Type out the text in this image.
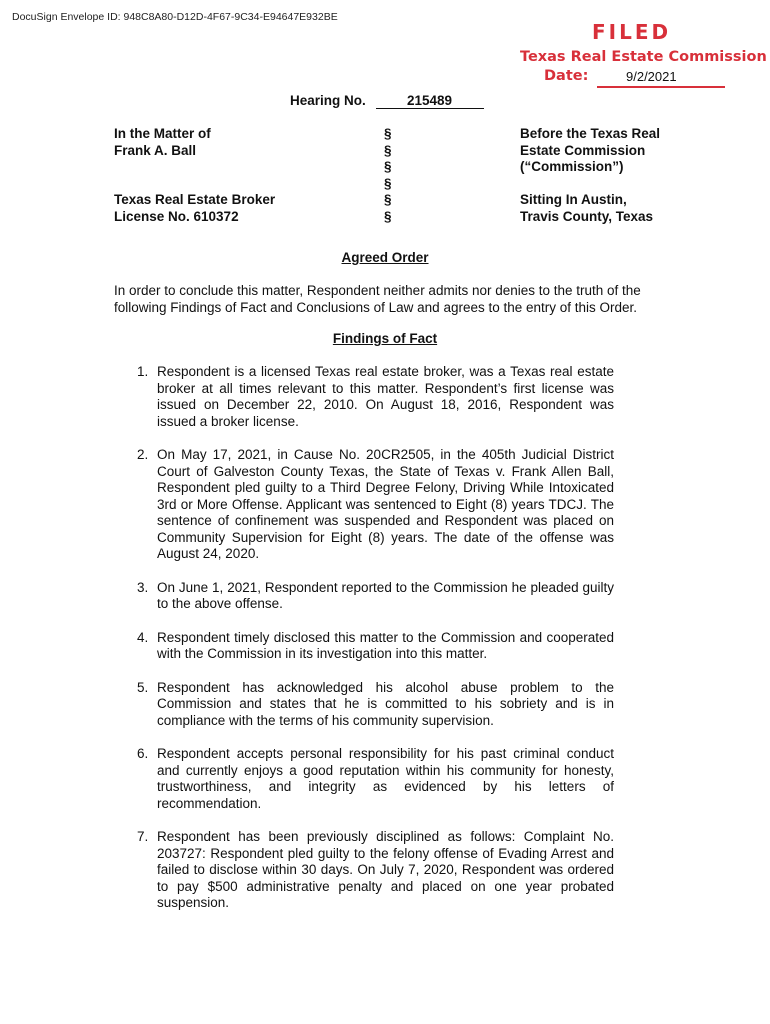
DocuSign Envelope ID: 948C8A80-D12D-4F67-9C34-E94647E932BE
FILED
Texas Real Estate Commission
Date:	9/2/2021
Hearing No.	215489
In the Matter of
Frank A. Ball
Texas Real Estate Broker
License No. 610372
§
§
§
§
§
§
Before the Texas Real
Estate Commission
(“Commission”)
Sitting In Austin,
Travis County, Texas
Agreed Order
In order to conclude this matter, Respondent neither admits nor denies to the truth of the following Findings of Fact and Conclusions of Law and agrees to the entry of this Order.
Findings of Fact
1. Respondent is a licensed Texas real estate broker, was a Texas real estate broker at all times relevant to this matter. Respondent’s first license was issued on December 22, 2010. On August 18, 2016, Respondent was issued a broker license.
2. On May 17, 2021, in Cause No. 20CR2505, in the 405th Judicial District Court of Galveston County Texas, the State of Texas v. Frank Allen Ball, Respondent pled guilty to a Third Degree Felony, Driving While Intoxicated 3rd or More Offense. Applicant was sentenced to Eight (8) years TDCJ. The sentence of confinement was suspended and Respondent was placed on Community Supervision for Eight (8) years. The date of the offense was August 24, 2020.
3. On June 1, 2021, Respondent reported to the Commission he pleaded guilty to the above offense.
4. Respondent timely disclosed this matter to the Commission and cooperated with the Commission in its investigation into this matter.
5. Respondent has acknowledged his alcohol abuse problem to the Commission and states that he is committed to his sobriety and is in compliance with the terms of his community supervision.
6. Respondent accepts personal responsibility for his past criminal conduct and currently enjoys a good reputation within his community for honesty, trustworthiness, and integrity as evidenced by his letters of recommendation.
7. Respondent has been previously disciplined as follows: Complaint No. 203727: Respondent pled guilty to the felony offense of Evading Arrest and failed to disclose within 30 days. On July 7, 2020, Respondent was ordered to pay $500 administrative penalty and placed on one year probated suspension.
